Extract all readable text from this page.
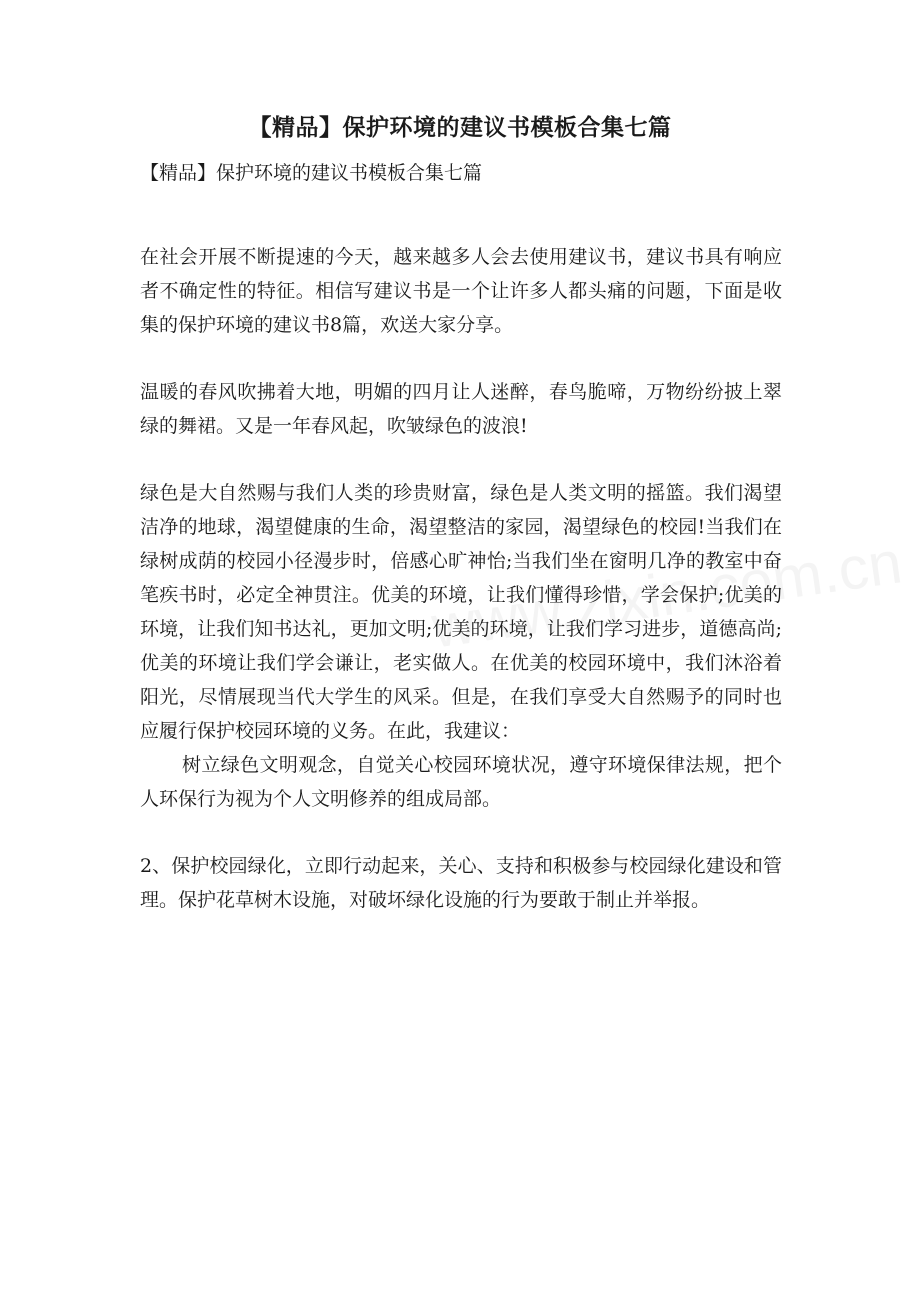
【精品】保护环境的建议书模板合集七篇

【精品】保护环境的建议书模板合集七篇

在社会开展不断提速的今天，越来越多人会去使用建议书，建议书具有响应者不确定性的特征。相信写建议书是一个让许多人都头痛的问题，下面是收集的保护环境的建议书8篇，欢送大家分享。

温暖的春风吹拂着大地，明媚的四月让人迷醉，春鸟脆啼，万物纷纷披上翠绿的舞裙。又是一年春风起，吹皱绿色的波浪!

绿色是大自然赐与我们人类的珍贵财富，绿色是人类文明的摇篮。我们渴望洁净的地球，渴望健康的生命，渴望整洁的家园，渴望绿色的校园!当我们在绿树成荫的校园小径漫步时，倍感心旷神怡;当我们坐在窗明几净的教室中奋笔疾书时，必定全神贯注。优美的环境，让我们懂得珍惜，学会保护;优美的环境，让我们知书达礼，更加文明;优美的环境，让我们学习进步，道德高尚;优美的环境让我们学会谦让，老实做人。在优美的校园环境中，我们沐浴着阳光，尽情展现当代大学生的风采。但是，在我们享受大自然赐予的同时也应履行保护校园环境的义务。在此，我建议：

树立绿色文明观念，自觉关心校园环境状况，遵守环境保律法规，把个人环保行为视为个人文明修养的组成局部。

2、保护校园绿化，立即行动起来，关心、支持和积极参与校园绿化建设和管理。保护花草树木设施，对破坏绿化设施的行为要敢于制止并举报。
